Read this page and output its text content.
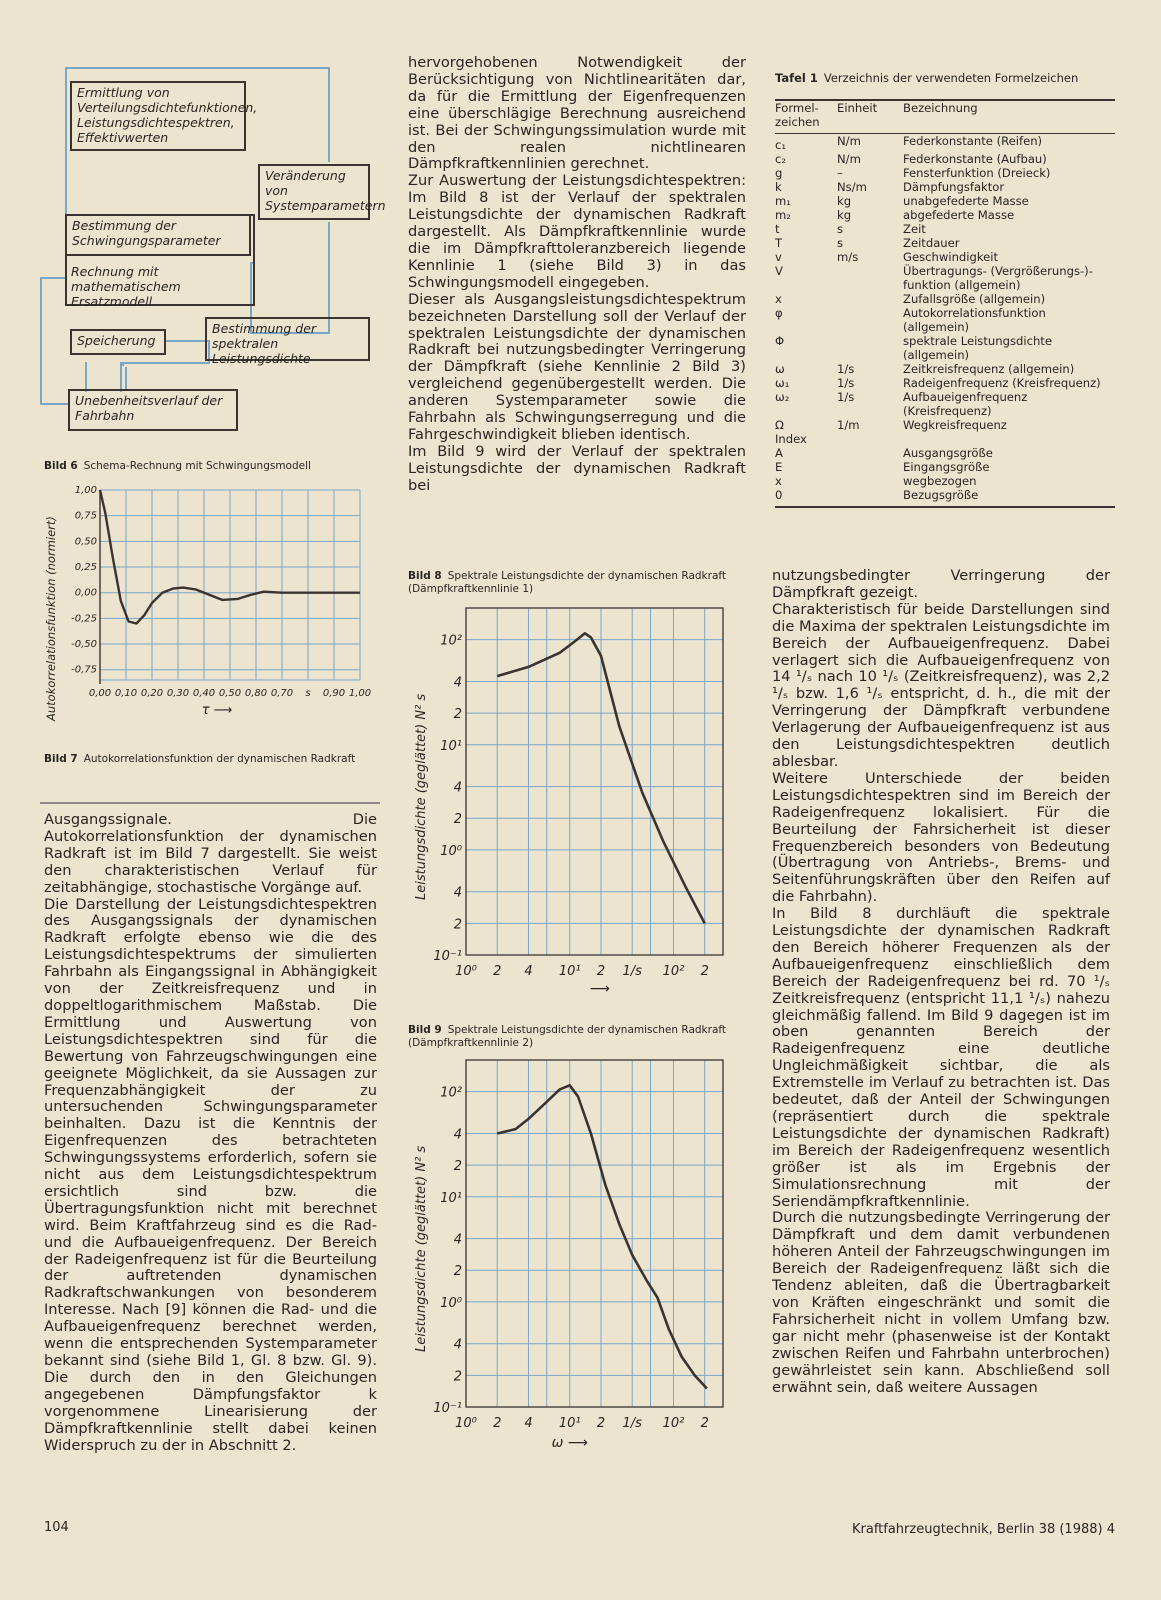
Ermittlung von Verteilungsdichtefunktionen, Leistungsdichtespektren, Effektivwerten
Veränderung von Systemparametern
Bestimmung der Schwingungsparameter
Rechnung mit mathematischem Ersatzmodell
Speicherung
Bestimmung der spektralen Leistungsdichte
Unebenheitsverlauf der Fahrbahn
Bild 6 Schema-Rechnung mit Schwingungsmodell
1,00
0,75
0,50
0,25
0,00
-0,25
-0,50
-0,75
0,00 0,10 0,20 0,30 0,40 0,50 0,80 0,70 s 0,90 1,00
τ ⟶
Autokorrelationsfunktion (normiert)
Bild 7 Autokorrelationsfunktion der dynamischen Radkraft

Ausgangssignale. Die Autokorrelationsfunktion der dynamischen Radkraft ist im Bild 7 dargestellt. Sie weist den charakteristischen Verlauf für zeitabhängige, stochastische Vorgänge auf.

Die Darstellung der Leistungsdichtespektren des Ausgangssignals der dynamischen Radkraft erfolgte ebenso wie die des Leistungsdichtespektrums der simulierten Fahrbahn als Eingangssignal in Abhängigkeit von der Zeitkreisfrequenz und in doppeltlogarithmischem Maßstab. Die Ermittlung und Auswertung von Leistungsdichtespektren sind für die Bewertung von Fahrzeugschwingungen eine geeignete Möglichkeit, da sie Aussagen zur Frequenzabhängigkeit der zu untersuchenden Schwingungsparameter beinhalten. Dazu ist die Kenntnis der Eigenfrequenzen des betrachteten Schwingungssystems erforderlich, sofern sie nicht aus dem Leistungsdichtespektrum ersichtlich sind bzw. die Übertragungsfunktion nicht mit berechnet wird. Beim Kraftfahrzeug sind es die Rad- und die Aufbaueigenfrequenz. Der Bereich der Radeigenfrequenz ist für die Beurteilung der auftretenden dynamischen Radkraftschwankungen von besonderem Interesse. Nach [9] können die Rad- und die Aufbaueigenfrequenz berechnet werden, wenn die entsprechenden Systemparameter bekannt sind (siehe Bild 1, Gl. 8 bzw. Gl. 9). Die durch den in den Gleichungen angegebenen Dämpfungsfaktor k vorgenommene Linearisierung der Dämpfkraftkennlinie stellt dabei keinen Widerspruch zu der in Abschnitt 2.

hervorgehobenen Notwendigkeit der Berücksichtigung von Nichtlinearitäten dar, da für die Ermittlung der Eigenfrequenzen eine überschlägige Berechnung ausreichend ist. Bei der Schwingungssimulation wurde mit den realen nichtlinearen Dämpfkraftkennlinien gerechnet.

Zur Auswertung der Leistungsdichtespektren: Im Bild 8 ist der Verlauf der spektralen Leistungsdichte der dynamischen Radkraft dargestellt. Als Dämpfkraftkennlinie wurde die im Dämpfkrafttoleranzbereich liegende Kennlinie 1 (siehe Bild 3) in das Schwingungsmodell eingegeben.

Dieser als Ausgangsleistungsdichtespektrum bezeichneten Darstellung soll der Verlauf der spektralen Leistungsdichte der dynamischen Radkraft bei nutzungsbedingter Verringerung der Dämpfkraft (siehe Kennlinie 2 Bild 3) vergleichend gegenübergestellt werden. Die anderen Systemparameter sowie die Fahrbahn als Schwingungserregung und die Fahrgeschwindigkeit blieben identisch.

Im Bild 9 wird der Verlauf der spektralen Leistungsdichte der dynamischen Radkraft bei

Bild 8 Spektrale Leistungsdichte der dynamischen Radkraft (Dämpfkraftkennlinie 1)
10²
4
2
10¹
4
2
10⁰
4
2
10⁻¹
10⁰ 2 4 10¹ 2 1/s 10² 2
⟶
Leistungsdichte (geglättet) N² s
Bild 9 Spektrale Leistungsdichte der dynamischen Radkraft (Dämpfkraftkennlinie 2)
10²
4
2
10¹
4
2
10⁰
4
2
10⁻¹
10⁰ 2 4 10¹ 2 1/s 10² 2
ω ⟶
Leistungsdichte (geglättet) N² s
Tafel 1 Verzeichnis der verwendeten Formelzeichen
Formel-
zeichen	Einheit	Bezeichnung
c₁	N/m	Federkonstante (Reifen)
c₂	N/m	Federkonstante (Aufbau)
g	–	Fensterfunktion (Dreieck)
k	Ns/m	Dämpfungsfaktor
m₁	kg	unabgefederte Masse
m₂	kg	abgefederte Masse
t	s	Zeit
T	s	Zeitdauer
v	m/s	Geschwindigkeit
V		Übertragungs- (Vergrößerungs-)-funktion (allgemein)
x		Zufallsgröße (allgemein)
φ		Autokorrelationsfunktion (allgemein)
Φ		spektrale Leistungsdichte (allgemein)
ω	1/s	Zeitkreisfrequenz (allgemein)
ω₁	1/s	Radeigenfrequenz (Kreisfrequenz)
ω₂	1/s	Aufbaueigenfrequenz (Kreisfrequenz)
Ω	1/m	Wegkreisfrequenz
Index		
A		Ausgangsgröße
E		Eingangsgröße
x		wegbezogen
0		Bezugsgröße

nutzungsbedingter Verringerung der Dämpfkraft gezeigt.

Charakteristisch für beide Darstellungen sind die Maxima der spektralen Leistungsdichte im Bereich der Aufbaueigenfrequenz. Dabei verlagert sich die Aufbaueigenfrequenz von 14 ¹/ₛ nach 10 ¹/ₛ (Zeitkreisfrequenz), was 2,2 ¹/ₛ bzw. 1,6 ¹/ₛ entspricht, d. h., die mit der Verringerung der Dämpfkraft verbundene Verlagerung der Aufbaueigenfrequenz ist aus den Leistungsdichtespektren deutlich ablesbar.

Weitere Unterschiede der beiden Leistungsdichtespektren sind im Bereich der Radeigenfrequenz lokalisiert. Für die Beurteilung der Fahrsicherheit ist dieser Frequenzbereich besonders von Bedeutung (Übertragung von Antriebs-, Brems- und Seitenführungskräften über den Reifen auf die Fahrbahn).

In Bild 8 durchläuft die spektrale Leistungsdichte der dynamischen Radkraft den Bereich höherer Frequenzen als der Aufbaueigenfrequenz einschließlich dem Bereich der Radeigenfrequenz bei rd. 70 ¹/ₛ Zeitkreisfrequenz (entspricht 11,1 ¹/ₛ) nahezu gleichmäßig fallend. Im Bild 9 dagegen ist im oben genannten Bereich der Radeigenfrequenz eine deutliche Ungleichmäßigkeit sichtbar, die als Extremstelle im Verlauf zu betrachten ist. Das bedeutet, daß der Anteil der Schwingungen (repräsentiert durch die spektrale Leistungsdichte der dynamischen Radkraft) im Bereich der Radeigenfrequenz wesentlich größer ist als im Ergebnis der Simulationsrechnung mit der Seriendämpfkraftkennlinie.

Durch die nutzungsbedingte Verringerung der Dämpfkraft und dem damit verbundenen höheren Anteil der Fahrzeugschwingungen im Bereich der Radeigenfrequenz läßt sich die Tendenz ableiten, daß die Übertragbarkeit von Kräften eingeschränkt und somit die Fahrsicherheit nicht in vollem Umfang bzw. gar nicht mehr (phasenweise ist der Kontakt zwischen Reifen und Fahrbahn unterbrochen) gewährleistet sein kann. Abschließend soll erwähnt sein, daß weitere Aussagen

104	Kraftfahrzeugtechnik, Berlin 38 (1988) 4
